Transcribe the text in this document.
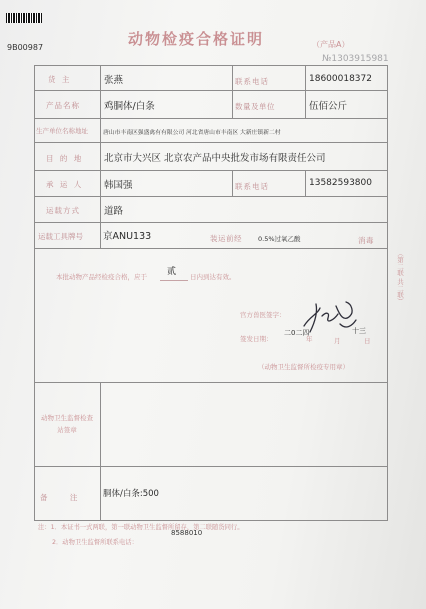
9B00987	动物检疫合格证明	（产品A）
№1303915981
货 主	张燕	联系电话	18600018372
产品名称	鸡胴体/白条	数量及单位	伍佰公斤
生产单位名称地址	唐山市丰南区强盛禽有有限公司 河北省唐山市丰南区 大新庄镇新二村
目 的 地 北京市大兴区 北京农产品中央批发市场有限责任公司
承 运 人 韩国强	联系电话	13582593800
运载方式	道路
运载工具牌号 京ANU133	装运前经 0.5%过氧乙酸	消毒
本批动物产品经检疫合格，应于 贰 日内到达有效。
官方兽医签字：
签发日期：
二0二四
年	月
十三
日
（动物卫生监督所检疫专用章）
动物卫生监督检查站签章
备 注 胴体/白条:500
（第二联 共二联）
注：1．本证书一式两联，第一联动物卫生监督所留存，第二联随货同行。
2．动物卫生监督所联系电话：
8588010
